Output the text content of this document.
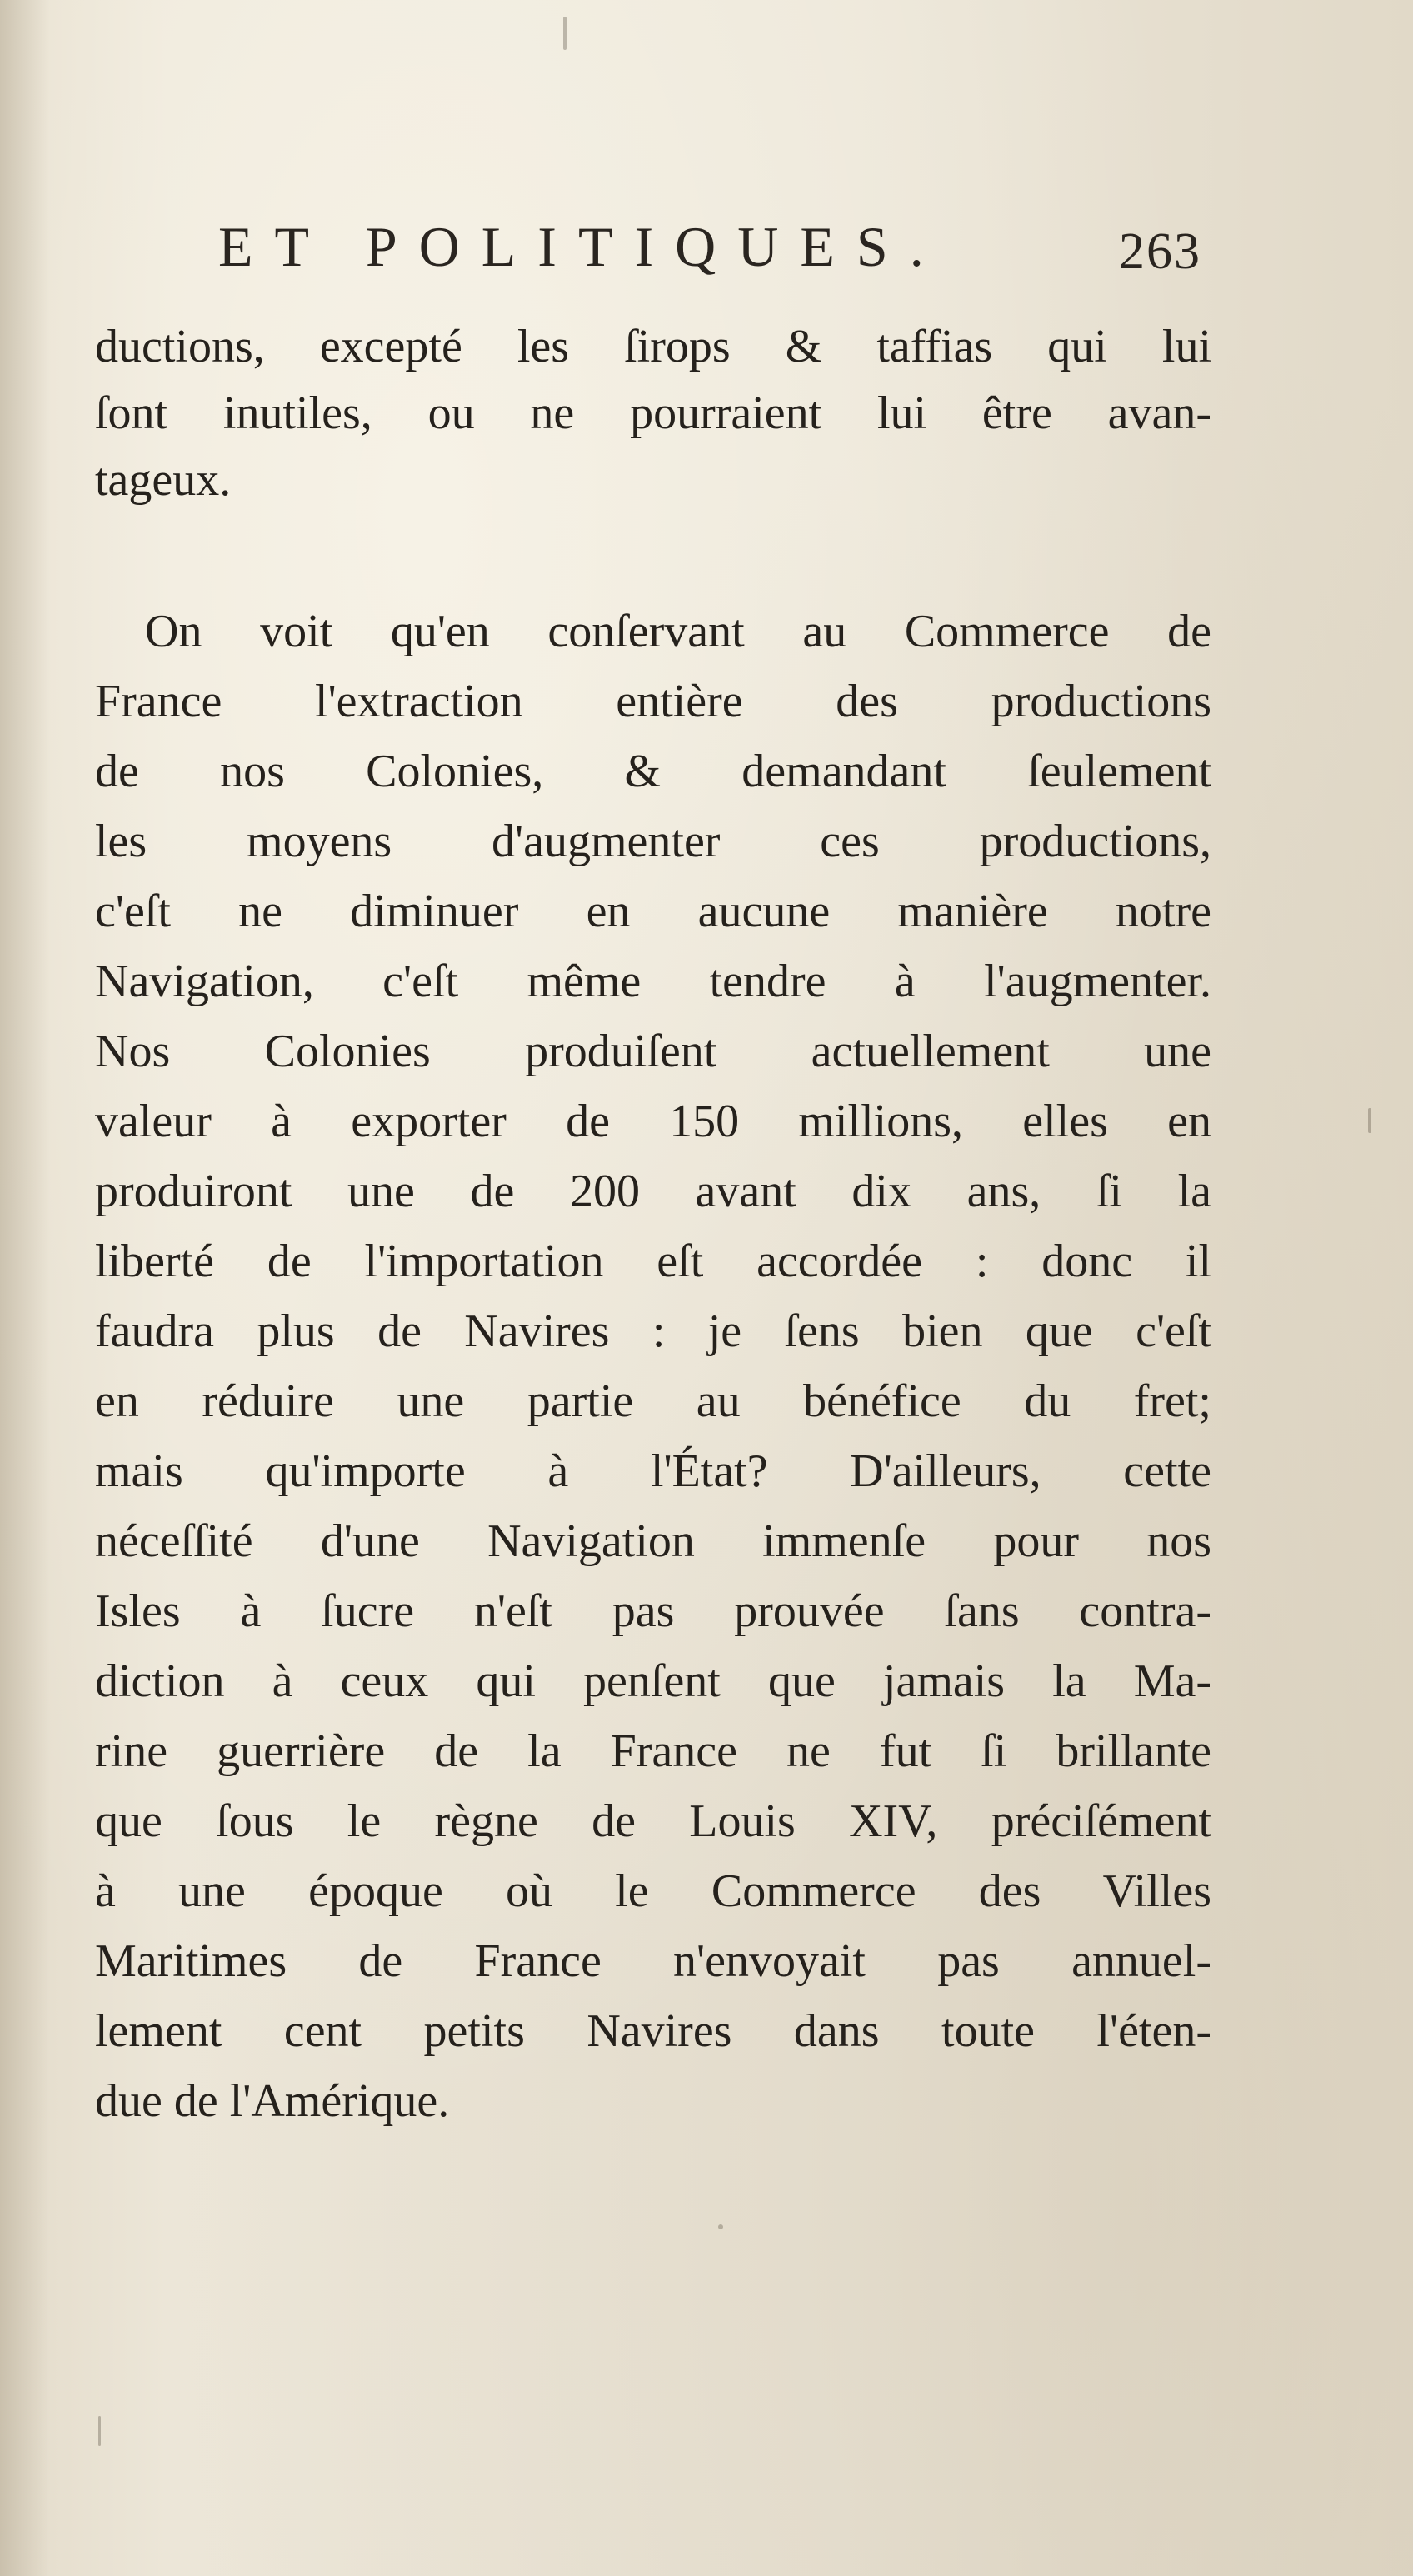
ET POLITIQUES.	263
ductions, excepté les ſirops & taffias qui lui
ſont inutiles, ou ne pourraient lui être avan-
tageux.
On voit qu'en conſervant au Commerce de
France l'extraction entière des productions
de nos Colonies, & demandant ſeulement
les moyens d'augmenter ces productions,
c'eſt ne diminuer en aucune manière notre
Navigation, c'eſt même tendre à l'augmenter.
Nos Colonies produiſent actuellement une
valeur à exporter de 150 millions, elles en
produiront une de 200 avant dix ans, ſi la
liberté de l'importation eſt accordée : donc il
faudra plus de Navires : je ſens bien que c'eſt
en réduire une partie au bénéfice du fret;
mais qu'importe à l'État? D'ailleurs, cette
néceſſité d'une Navigation immenſe pour nos
Isles à ſucre n'eſt pas prouvée ſans contra-
diction à ceux qui penſent que jamais la Ma-
rine guerrière de la France ne fut ſi brillante
que ſous le règne de Louis XIV, préciſément
à une époque où le Commerce des Villes
Maritimes de France n'envoyait pas annuel-
lement cent petits Navires dans toute l'éten-
due de l'Amérique.
